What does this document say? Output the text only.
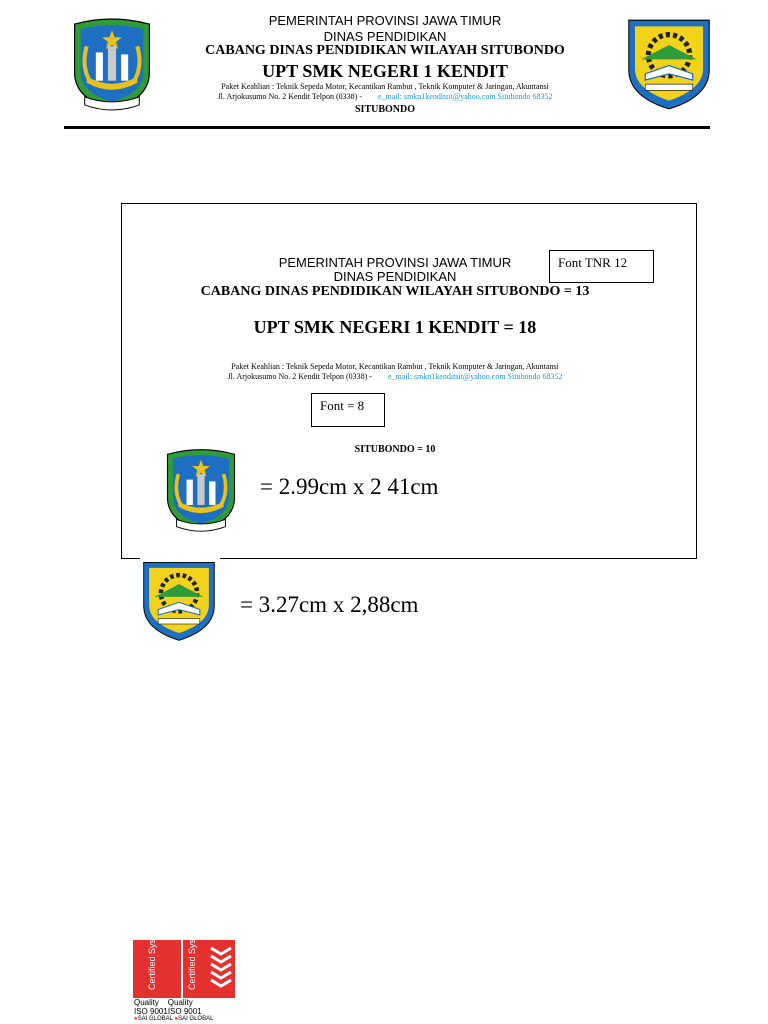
PEMERINTAH PROVINSI JAWA TIMUR
DINAS PENDIDIKAN
CABANG DINAS PENDIDIKAN WILAYAH SITUBONDO
UPT SMK NEGERI 1 KENDIT
Paket Keahlian : Teknik Sepeda Motor, Kecantikan Rambut , Teknik Komputer & Jaringan, Akuntansi
Jl. Arjokusumo No. 2 Kendit Telpon (0338) - e_mail: smkn1kenditsit@yahoo.com Situbondo 68352
SITUBONDO
PEMERINTAH PROVINSI JAWA TIMUR
DINAS PENDIDIKAN
CABANG DINAS PENDIDIKAN WILAYAH SITUBONDO = 13
UPT SMK NEGERI 1 KENDIT = 18
Paket Keahlian : Teknik Sepeda Motor, Kecantikan Rambut , Teknik Komputer & Jaringan, Akuntansi
Jl. Arjokusumo No. 2 Kendit Telpon (0338) - e_mail: smkn1kenditsit@yahoo.com Situbondo 68352
SITUBONDO = 10
Font TNR 12
Font = 8
= 2.99cm x 2 41cm
= 3.27cm x 2,88cm
Certified System	Certified System
Quality Quality
ISO 9001ISO 9001
●SAI GLOBAL ●SAI GLOBAL
